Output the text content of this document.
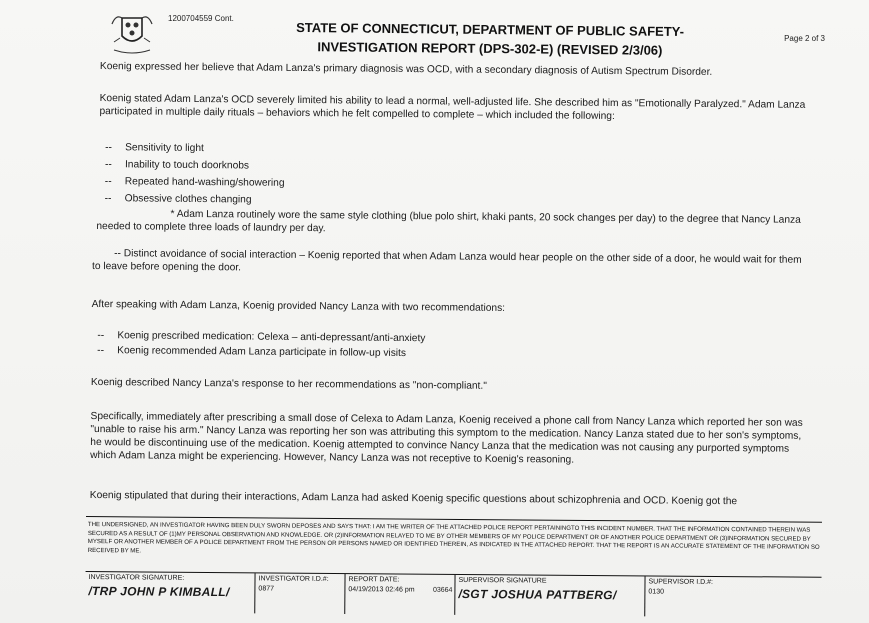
1200704559 Cont.
STATE OF CONNECTICUT, DEPARTMENT OF PUBLIC SAFETY-
INVESTIGATION REPORT (DPS-302-E) (REVISED 2/3/06)
Page 2 of 3

Koenig expressed her believe that Adam Lanza's primary diagnosis was OCD, with a secondary diagnosis of Autism Spectrum Disorder.

Koenig stated Adam Lanza's OCD severely limited his ability to lead a normal, well-adjusted life. She described him as "Emotionally Paralyzed." Adam Lanza participated in multiple daily rituals – behaviors which he felt compelled to complete – which included the following:

-- Sensitivity to light
-- Inability to touch doorknobs
-- Repeated hand-washing/showering
-- Obsessive clothes changing

* Adam Lanza routinely wore the same style clothing (blue polo shirt, khaki pants, 20 sock changes per day) to the degree that Nancy Lanza needed to complete three loads of laundry per day.

-- Distinct avoidance of social interaction – Koenig reported that when Adam Lanza would hear people on the other side of a door, he would wait for them to leave before opening the door.

After speaking with Adam Lanza, Koenig provided Nancy Lanza with two recommendations:

-- Koenig prescribed medication: Celexa – anti-depressant/anti-anxiety
-- Koenig recommended Adam Lanza participate in follow-up visits

Koenig described Nancy Lanza's response to her recommendations as "non-compliant."

Specifically, immediately after prescribing a small dose of Celexa to Adam Lanza, Koenig received a phone call from Nancy Lanza which reported her son was "unable to raise his arm." Nancy Lanza was reporting her son was attributing this symptom to the medication. Nancy Lanza stated due to her son's symptoms, he would be discontinuing use of the medication. Koenig attempted to convince Nancy Lanza that the medication was not causing any purported symptoms which Adam Lanza might be experiencing. However, Nancy Lanza was not receptive to Koenig's reasoning.

Koenig stipulated that during their interactions, Adam Lanza had asked Koenig specific questions about schizophrenia and OCD. Koenig got the

THE UNDERSIGNED, AN INVESTIGATOR HAVING BEEN DULY SWORN DEPOSES AND SAYS THAT: I AM THE WRITER OF THE ATTACHED POLICE REPORT PERTAININGTO THIS INCIDENT NUMBER. THAT THE INFORMATION CONTAINED THEREIN WAS SECURED AS A RESULT OF (1)MY PERSONAL OBSERVATION AND KNOWLEDGE. OR (2)INFORMATION RELAYED TO ME BY OTHER MEMBERS OF MY POLICE DEPARTMENT OR OF ANOTHER POLICE DEPARTMENT OR (3)INFORMATION SECURED BY MYSELF OR ANOTHER MEMBER OF A POLICE DEPARTMENT FROM THE PERSON OR PERSONS NAMED OR IDENTIFIED THEREIN, AS INDICATED IN THE ATTACHED REPORT. THAT THE REPORT IS AN ACCURATE STATEMENT OF THE INFORMATION SO RECEIVED BY ME.
INVESTIGATOR SIGNATURE:
/TRP JOHN P KIMBALL/
INVESTIGATOR I.D.#:
0877
REPORT DATE:
04/19/2013 02:46 pm	03664
SUPERVISOR SIGNATURE
/SGT JOSHUA PATTBERG/
SUPERVISOR I.D.#:
0130
